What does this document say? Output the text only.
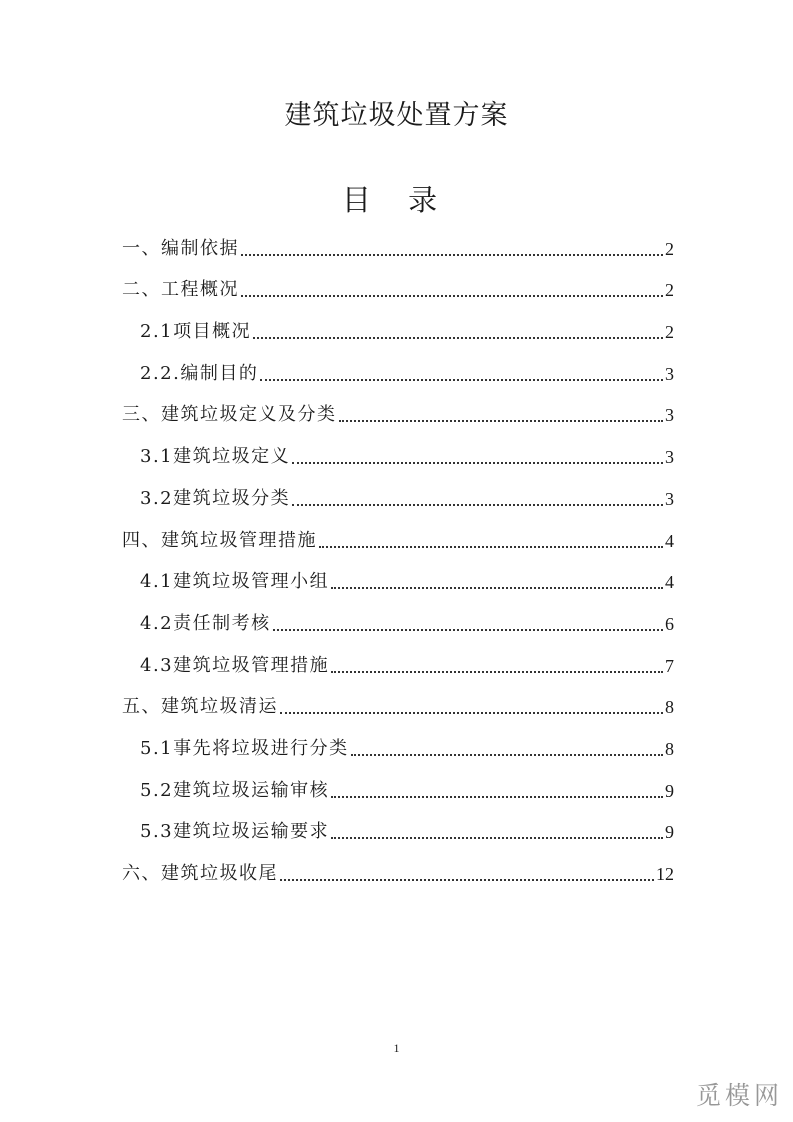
建筑垃圾处置方案
目 录
一、编制依据	2
二、工程概况	2
2.1项目概况	2
2.2.编制目的	3
三、建筑垃圾定义及分类	3
3.1建筑垃圾定义	3
3.2建筑垃圾分类	3
四、建筑垃圾管理措施	4
4.1建筑垃圾管理小组	4
4.2责任制考核	6
4.3建筑垃圾管理措施	7
五、建筑垃圾清运	8
5.1事先将垃圾进行分类	8
5.2建筑垃圾运输审核	9
5.3建筑垃圾运输要求	9
六、建筑垃圾收尾	12
1
觅模网
